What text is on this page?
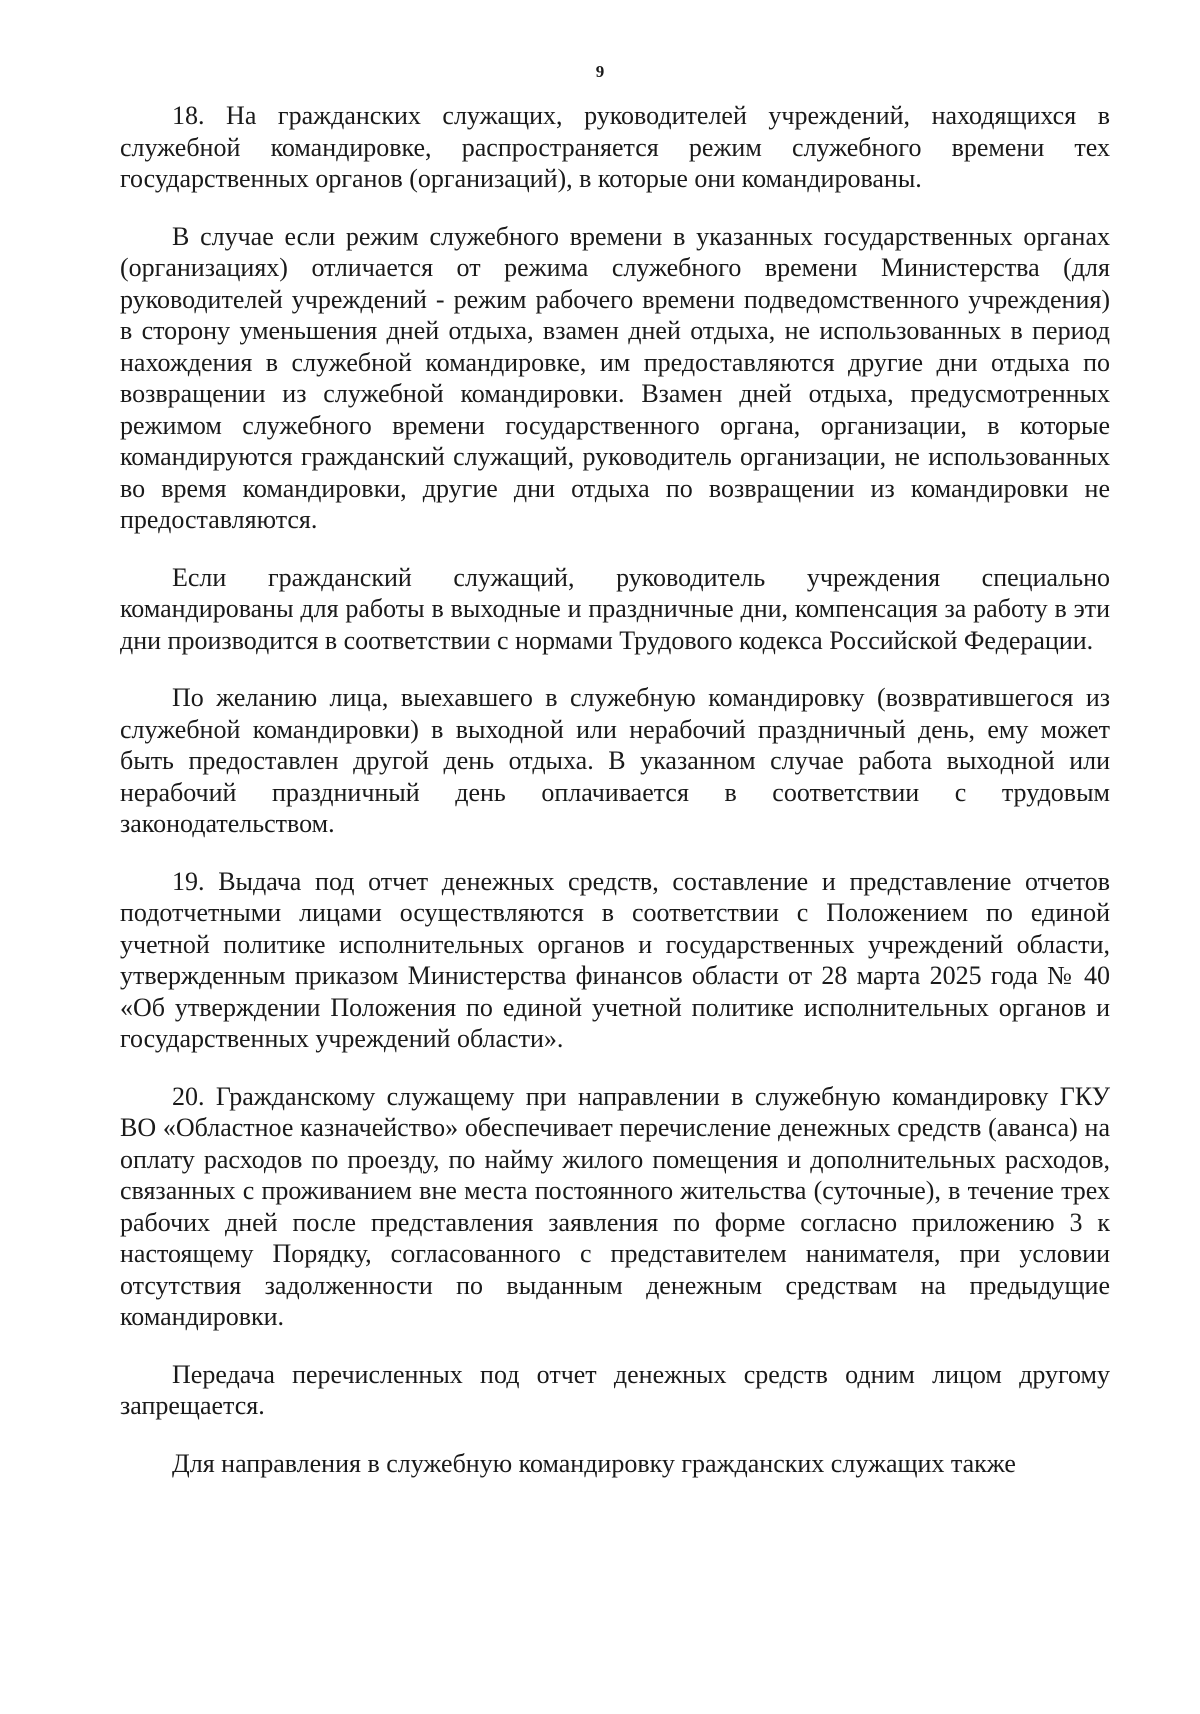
9

18. На гражданских служащих, руководителей учреждений, находящихся в служебной командировке, распространяется режим служебного времени тех государственных органов (организаций), в которые они командированы.

В случае если режим служебного времени в указанных государственных органах (организациях) отличается от режима служебного времени Министерства (для руководителей учреждений - режим рабочего времени подведомственного учреждения) в сторону уменьшения дней отдыха, взамен дней отдыха, не использованных в период нахождения в служебной командировке, им предоставляются другие дни отдыха по возвращении из служебной командировки. Взамен дней отдыха, предусмотренных режимом служебного времени государственного органа, организации, в которые командируются гражданский служащий, руководитель организации, не использованных во время командировки, другие дни отдыха по возвращении из командировки не предоставляются.

Если гражданский служащий, руководитель учреждения специально командированы для работы в выходные и праздничные дни, компенсация за работу в эти дни производится в соответствии с нормами Трудового кодекса Российской Федерации.

По желанию лица, выехавшего в служебную командировку (возвратившегося из служебной командировки) в выходной или нерабочий праздничный день, ему может быть предоставлен другой день отдыха. В указанном случае работа выходной или нерабочий праздничный день оплачивается в соответствии с трудовым законодательством.

19. Выдача под отчет денежных средств, составление и представление отчетов подотчетными лицами осуществляются в соответствии с Положением по единой учетной политике исполнительных органов и государственных учреждений области, утвержденным приказом Министерства финансов области от 28 марта 2025 года № 40 «Об утверждении Положения по единой учетной политике исполнительных органов и государственных учреждений области».

20. Гражданскому служащему при направлении в служебную командировку ГКУ ВО «Областное казначейство» обеспечивает перечисление денежных средств (аванса) на оплату расходов по проезду, по найму жилого помещения и дополнительных расходов, связанных с проживанием вне места постоянного жительства (суточные), в течение трех рабочих дней после представления заявления по форме согласно приложению 3 к настоящему Порядку, согласованного с представителем нанимателя, при условии отсутствия задолженности по выданным денежным средствам на предыдущие командировки.

Передача перечисленных под отчет денежных средств одним лицом другому запрещается.

Для направления в служебную командировку гражданских служащих также
